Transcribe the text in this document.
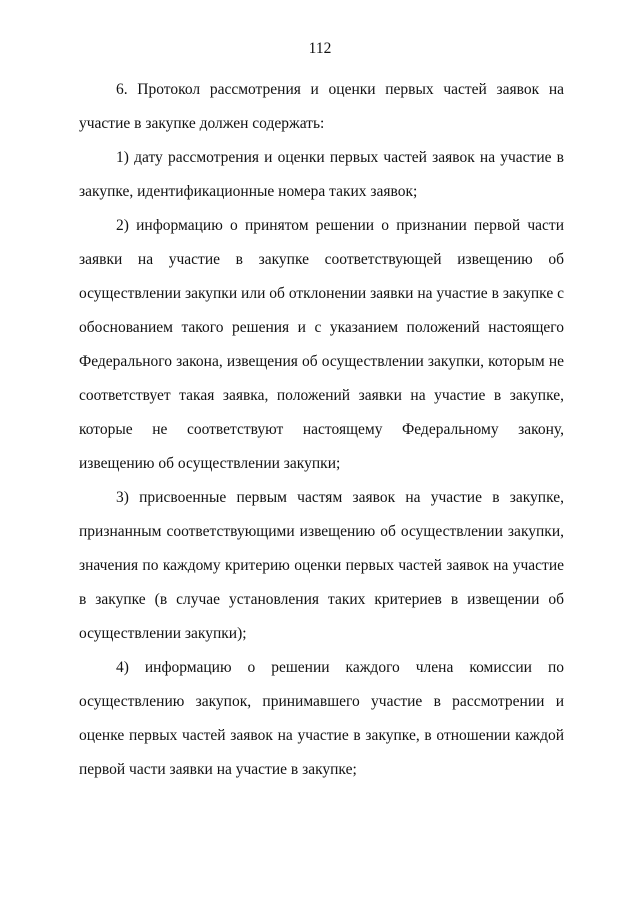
112

6. Протокол рассмотрения и оценки первых частей заявок на участие в закупке должен содержать:

1) дату рассмотрения и оценки первых частей заявок на участие в закупке, идентификационные номера таких заявок;

2) информацию о принятом решении о признании первой части заявки на участие в закупке соответствующей извещению об осуществлении закупки или об отклонении заявки на участие в закупке с обоснованием такого решения и с указанием положений настоящего Федерального закона, извещения об осуществлении закупки, которым не соответствует такая заявка, положений заявки на участие в закупке, которые не соответствуют настоящему Федеральному закону, извещению об осуществлении закупки;

3) присвоенные первым частям заявок на участие в закупке, признанным соответствующими извещению об осуществлении закупки, значения по каждому критерию оценки первых частей заявок на участие в закупке (в случае установления таких критериев в извещении об осуществлении закупки);

4) информацию о решении каждого члена комиссии по осуществлению закупок, принимавшего участие в рассмотрении и оценке первых частей заявок на участие в закупке, в отношении каждой первой части заявки на участие в закупке;
